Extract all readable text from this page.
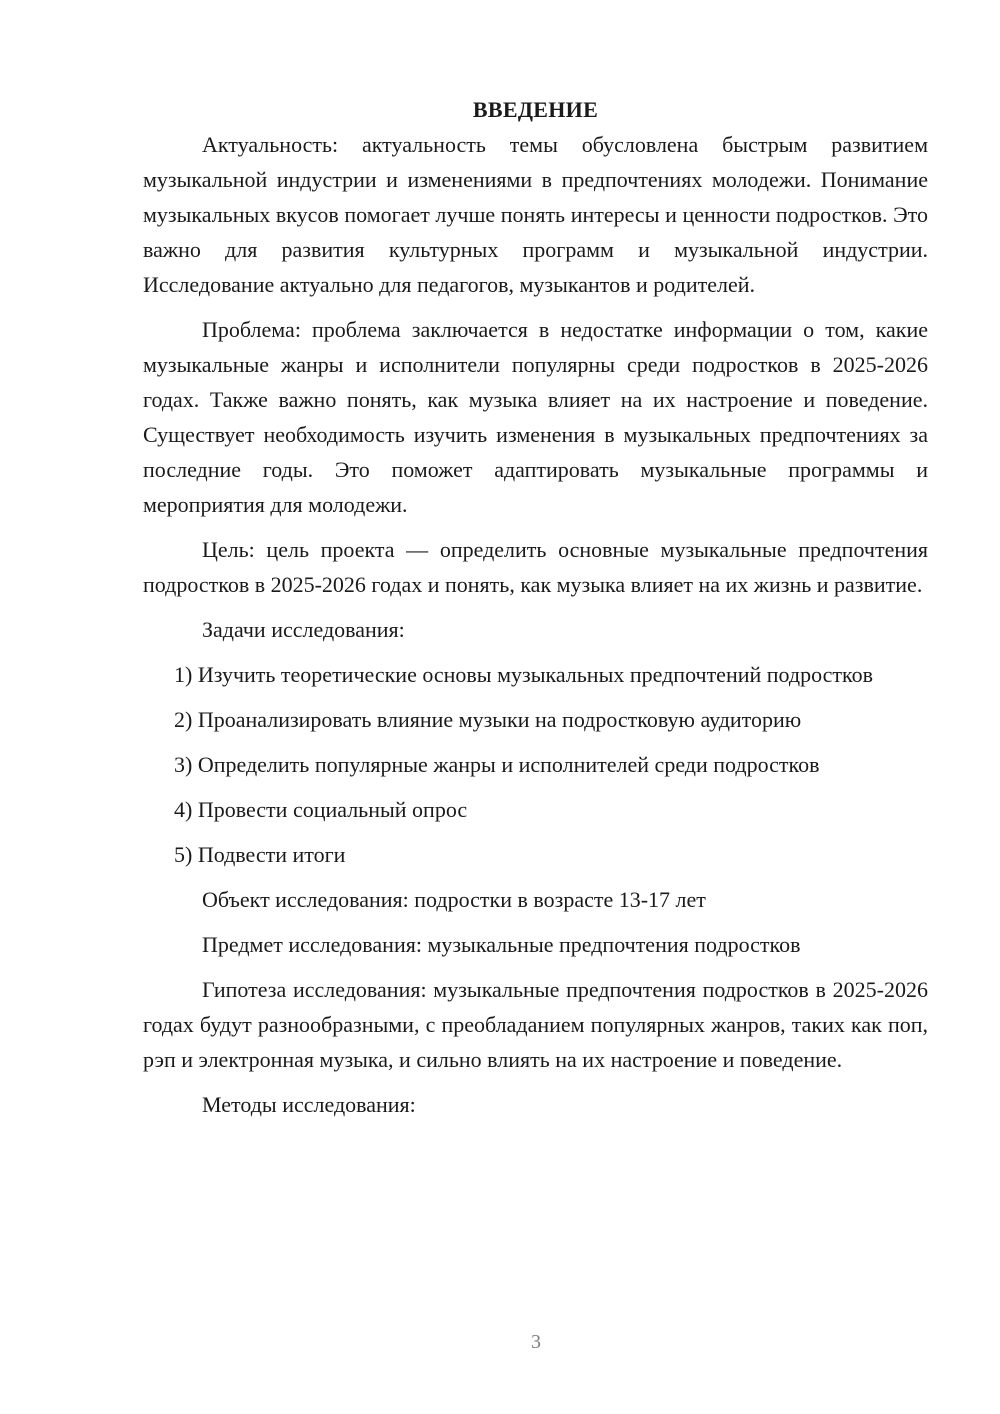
ВВЕДЕНИЕ

Актуальность: актуальность темы обусловлена быстрым развитием музыкальной индустрии и изменениями в предпочтениях молодежи. Понимание музыкальных вкусов помогает лучше понять интересы и ценности подростков. Это важно для развития культурных программ и музыкальной индустрии. Исследование актуально для педагогов, музыкантов и родителей.

Проблема: проблема заключается в недостатке информации о том, какие музыкальные жанры и исполнители популярны среди подростков в 2025-2026 годах. Также важно понять, как музыка влияет на их настроение и поведение. Существует необходимость изучить изменения в музыкальных предпочтениях за последние годы. Это поможет адаптировать музыкальные программы и мероприятия для молодежи.

Цель: цель проекта — определить основные музыкальные предпочтения подростков в 2025-2026 годах и понять, как музыка влияет на их жизнь и развитие.

Задачи исследования:

1) Изучить теоретические основы музыкальных предпочтений подростков

2) Проанализировать влияние музыки на подростковую аудиторию

3) Определить популярные жанры и исполнителей среди подростков

4) Провести социальный опрос

5) Подвести итоги

Объект исследования: подростки в возрасте 13-17 лет

Предмет исследования: музыкальные предпочтения подростков

Гипотеза исследования: музыкальные предпочтения подростков в 2025-2026 годах будут разнообразными, с преобладанием популярных жанров, таких как поп, рэп и электронная музыка, и сильно влиять на их настроение и поведение.

Методы исследования:

3
